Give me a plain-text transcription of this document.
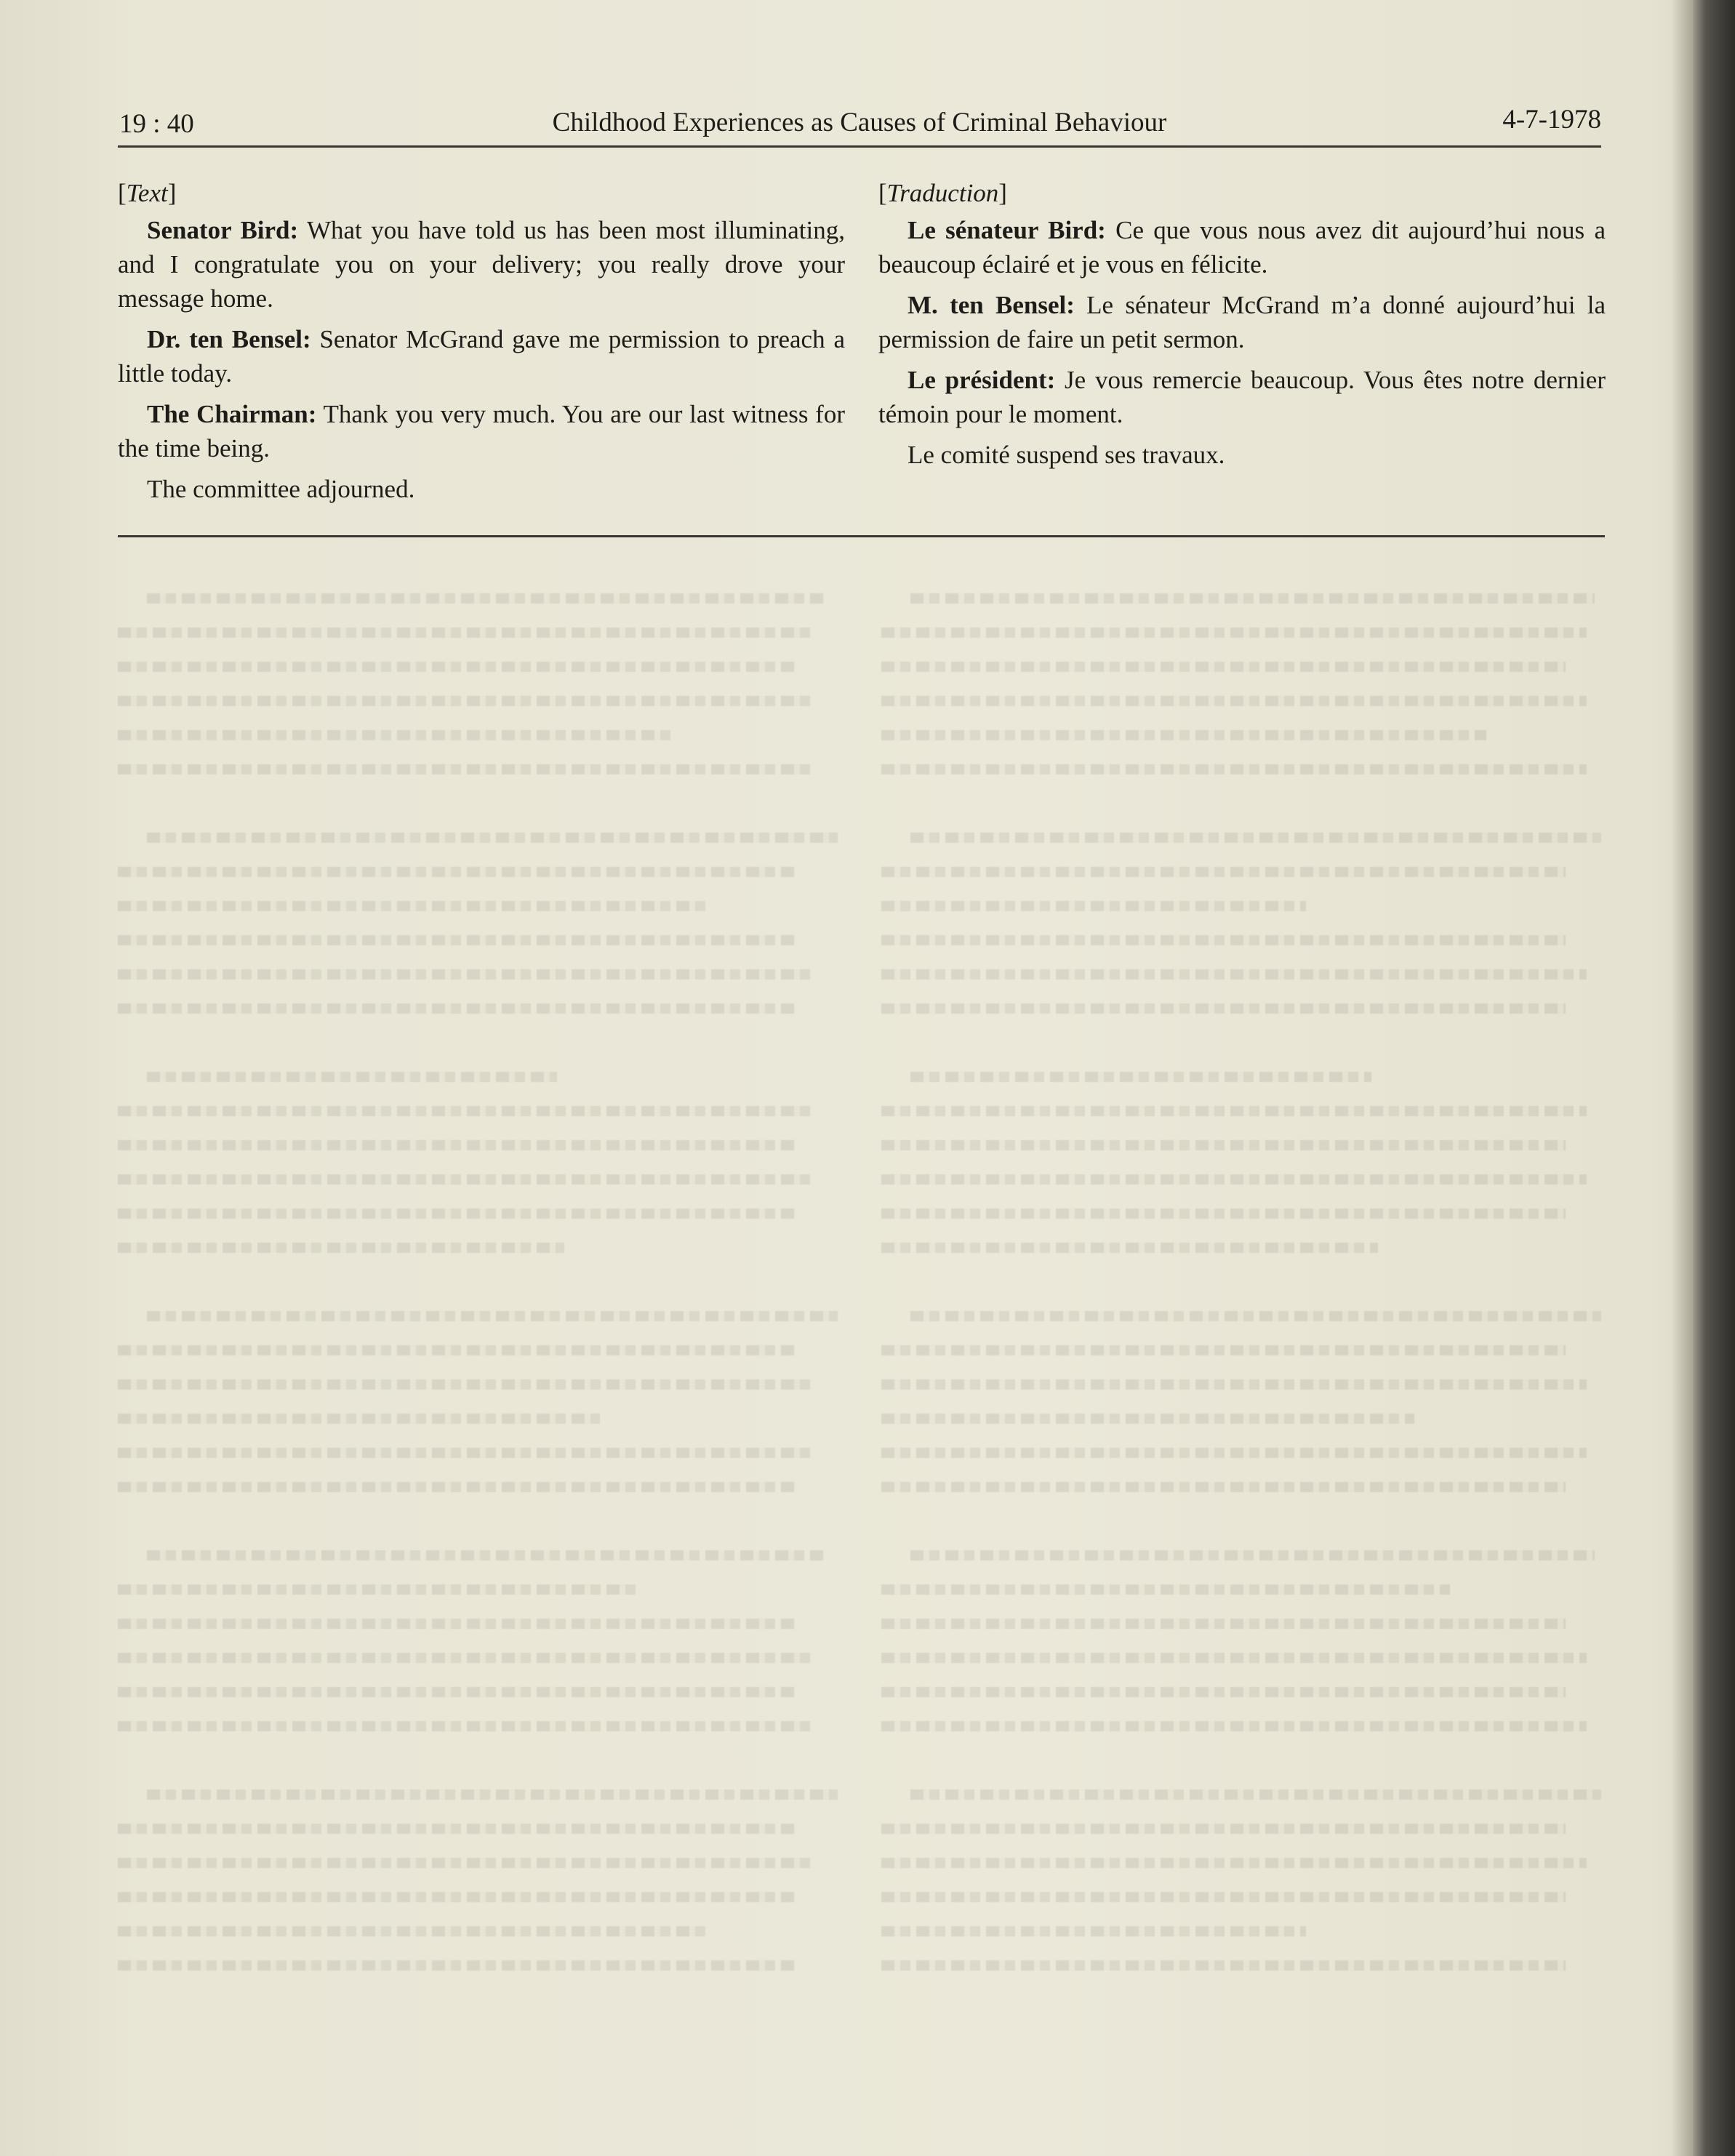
19 : 40	Childhood Experiences as Causes of Criminal Behaviour	4-7-1978

[Text]

Senator Bird: What you have told us has been most illuminating, and I congratulate you on your delivery; you really drove your message home.

Dr. ten Bensel: Senator McGrand gave me permission to preach a little today.

The Chairman: Thank you very much. You are our last witness for the time being.

The committee adjourned.

[Traduction]

Le sénateur Bird: Ce que vous nous avez dit aujourd’hui nous a beaucoup éclairé et je vous en félicite.

M. ten Bensel: Le sénateur McGrand m’a donné aujourd’hui la permission de faire un petit sermon.

Le président: Je vous remercie beaucoup. Vous êtes notre dernier témoin pour le moment.

Le comité suspend ses travaux.
